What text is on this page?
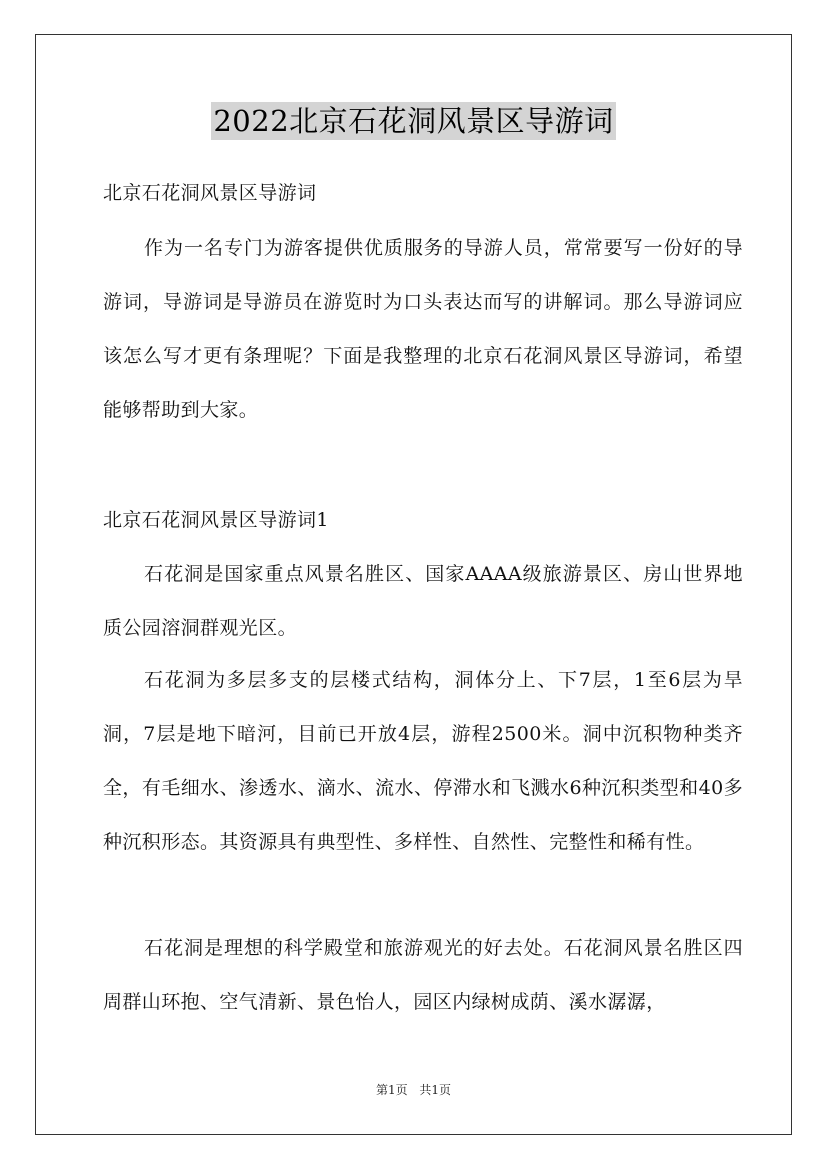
2022北京石花洞风景区导游词

北京石花洞风景区导游词

作为一名专门为游客提供优质服务的导游人员，常常要写一份好的导游词，导游词是导游员在游览时为口头表达而写的讲解词。那么导游词应该怎么写才更有条理呢？下面是我整理的北京石花洞风景区导游词，希望能够帮助到大家。

北京石花洞风景区导游词1

石花洞是国家重点风景名胜区、国家AAAA级旅游景区、房山世界地质公园溶洞群观光区。

石花洞为多层多支的层楼式结构，洞体分上、下7层，1至6层为旱洞，7层是地下暗河，目前已开放4层，游程2500米。洞中沉积物种类齐全，有毛细水、渗透水、滴水、流水、停滞水和飞溅水6种沉积类型和40多种沉积形态。其资源具有典型性、多样性、自然性、完整性和稀有性。

石花洞是理想的科学殿堂和旅游观光的好去处。石花洞风景名胜区四周群山环抱、空气清新、景色怡人，园区内绿树成荫、溪水潺潺，

第1页 共1页
